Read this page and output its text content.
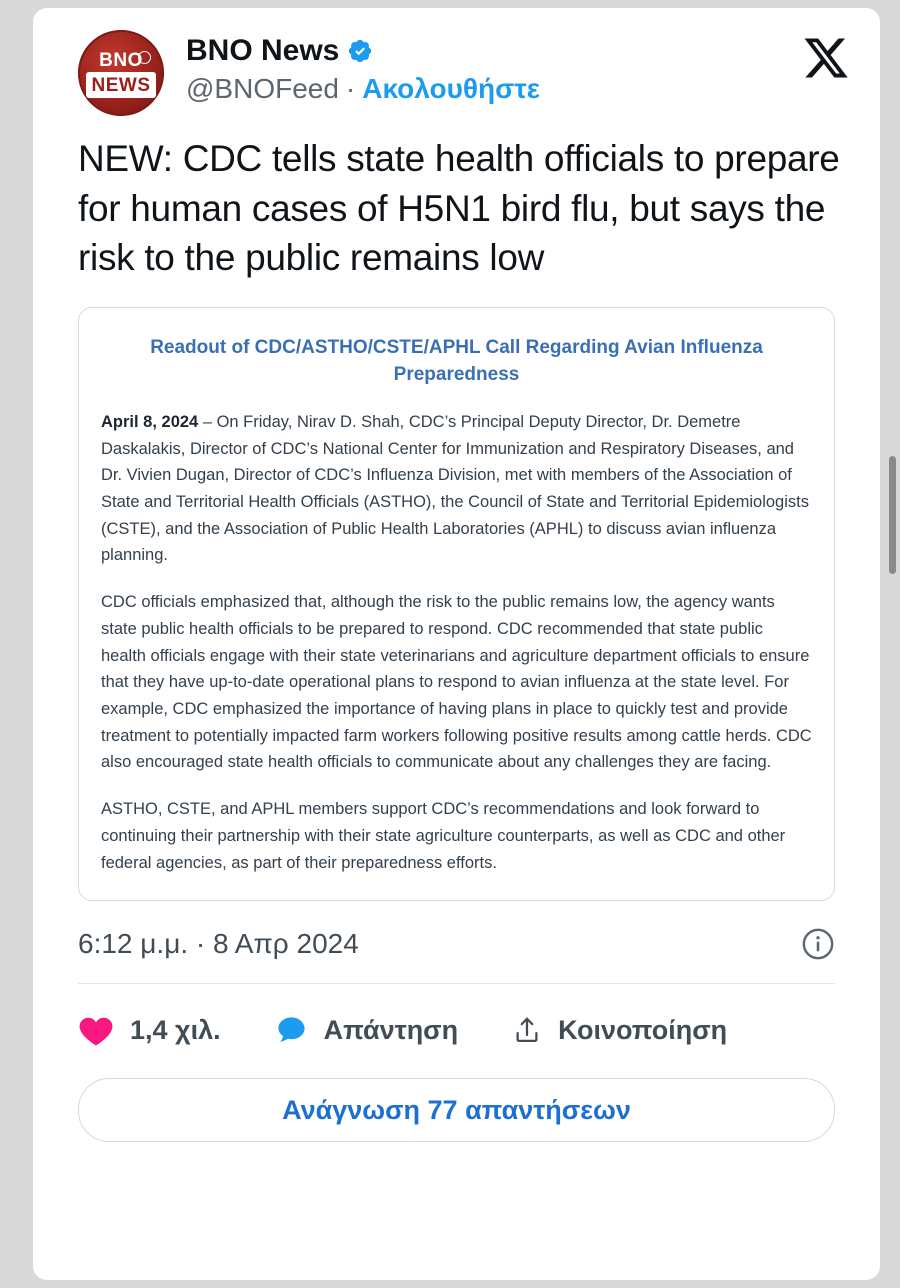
BNO
NEWS
BNO News
@BNOFeed · Ακολουθήστε
NEW: CDC tells state health officials to prepare for human cases of H5N1 bird flu, but says the risk to the public remains low
Readout of CDC/ASTHO/CSTE/APHL Call Regarding Avian Influenza Preparedness

April 8, 2024 – On Friday, Nirav D. Shah, CDC’s Principal Deputy Director, Dr. Demetre Daskalakis, Director of CDC’s National Center for Immunization and Respiratory Diseases, and Dr. Vivien Dugan, Director of CDC’s Influenza Division, met with members of the Association of State and Territorial Health Officials (ASTHO), the Council of State and Territorial Epidemiologists (CSTE), and the Association of Public Health Laboratories (APHL) to discuss avian influenza planning.

CDC officials emphasized that, although the risk to the public remains low, the agency wants state public health officials to be prepared to respond. CDC recommended that state public health officials engage with their state veterinarians and agriculture department officials to ensure that they have up-to-date operational plans to respond to avian influenza at the state level. For example, CDC emphasized the importance of having plans in place to quickly test and provide treatment to potentially impacted farm workers following positive results among cattle herds. CDC also encouraged state health officials to communicate about any challenges they are facing.

ASTHO, CSTE, and APHL members support CDC’s recommendations and look forward to continuing their partnership with their state agriculture counterparts, as well as CDC and other federal agencies, as part of their preparedness efforts.

6:12 μ.μ. · 8 Απρ 2024
1,4 χιλ.	Απάντηση	Κοινοποίηση
Ανάγνωση 77 απαντήσεων
